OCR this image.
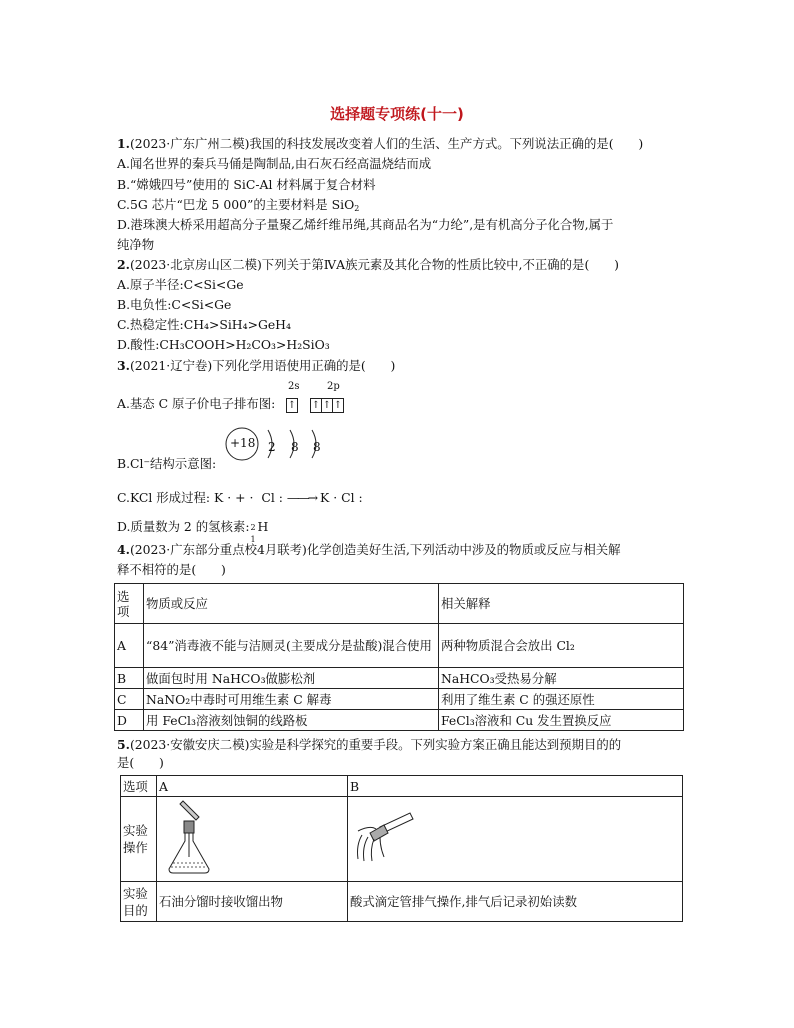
选择题专项练(十一)
1.(2023·广东广州二模)我国的科技发展改变着人们的生活、生产方式。下列说法正确的是(　　)
A.闻名世界的秦兵马俑是陶制品,由石灰石经高温烧结而成
B.“嫦娥四号”使用的 SiC-Al 材料属于复合材料
C.5G 芯片“巴龙 5 000”的主要材料是 SiO$_2$
D.港珠澳大桥采用超高分子量聚乙烯纤维吊绳,其商品名为“力纶”,是有机高分子化合物,属于
纯净物
2.(2023·北京房山区二模)下列关于第ⅣA族元素及其化合物的性质比较中,不正确的是(　　)
A.原子半径:C<Si<Ge
B.电负性:C<Si<Ge
C.热稳定性:CH₄>SiH₄>GeH₄
D.酸性:CH₃COOH>H₂CO₃>H₂SiO₃
3.(2021·辽宁卷)下列化学用语使用正确的是(　　)
A.基态 C 原子价电子排布图:
2s	2p
↑ ↑ ↑ ↑
B.Cl⁻结构示意图:
+18 2 8 8
C.KCl 形成过程: K · + · Cl : ——→ K · Cl :
D.质量数为 2 的氢核素: 2
1
H
4.(2023·广东部分重点校4月联考)化学创造美好生活,下列活动中涉及的物质或反应与相关解
释不相符的是(　　)
选项	物质或反应	相关解释
A	“84”消毒液不能与洁厕灵(主要成分是盐酸)混合使用	两种物质混合会放出 Cl₂
B	做面包时用 NaHCO₃做膨松剂	NaHCO₃受热易分解
C	NaNO₂中毒时可用维生素 C 解毒	利用了维生素 C 的强还原性
D	用 FeCl₃溶液刻蚀铜的线路板	FeCl₃溶液和 Cu 发生置换反应
5.(2023·安徽安庆二模)实验是科学探究的重要手段。下列实验方案正确且能达到预期目的的
是(　　)
选项	A	B
实验操作		
实验目的	石油分馏时接收馏出物	酸式滴定管排气操作,排气后记录初始读数
